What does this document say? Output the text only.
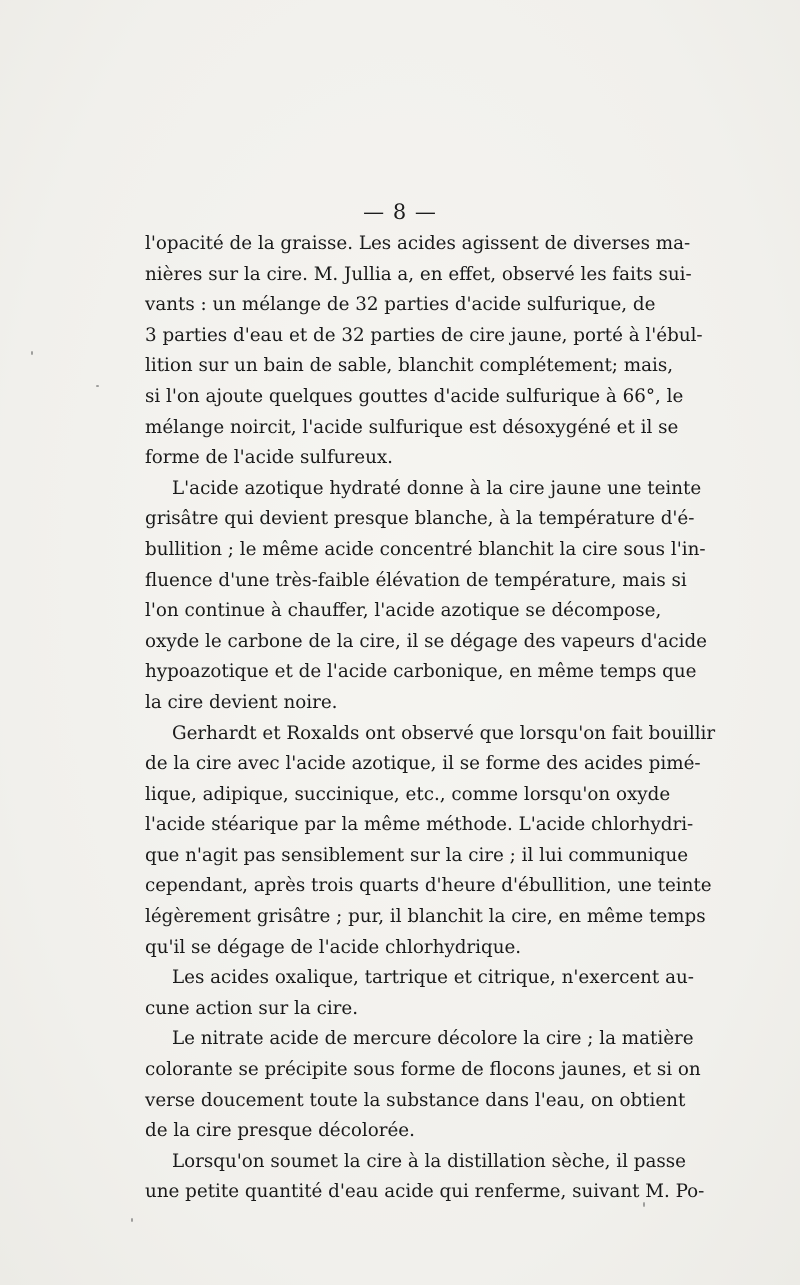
— 8 —
l'opacité de la graisse. Les acides agissent de diverses ma-
nières sur la cire. M. Jullia a, en effet, observé les faits sui-
vants : un mélange de 32 parties d'acide sulfurique, de
3 parties d'eau et de 32 parties de cire jaune, porté à l'ébul-
lition sur un bain de sable, blanchit complétement; mais,
si l'on ajoute quelques gouttes d'acide sulfurique à 66°, le
mélange noircit, l'acide sulfurique est désoxygéné et il se
forme de l'acide sulfureux.
L'acide azotique hydraté donne à la cire jaune une teinte
grisâtre qui devient presque blanche, à la température d'é-
bullition ; le même acide concentré blanchit la cire sous l'in-
fluence d'une très-faible élévation de température, mais si
l'on continue à chauffer, l'acide azotique se décompose,
oxyde le carbone de la cire, il se dégage des vapeurs d'acide
hypoazotique et de l'acide carbonique, en même temps que
la cire devient noire.
Gerhardt et Roxalds ont observé que lorsqu'on fait bouillir
de la cire avec l'acide azotique, il se forme des acides pimé-
lique, adipique, succinique, etc., comme lorsqu'on oxyde
l'acide stéarique par la même méthode. L'acide chlorhydri-
que n'agit pas sensiblement sur la cire ; il lui communique
cependant, après trois quarts d'heure d'ébullition, une teinte
légèrement grisâtre ; pur, il blanchit la cire, en même temps
qu'il se dégage de l'acide chlorhydrique.
Les acides oxalique, tartrique et citrique, n'exercent au-
cune action sur la cire.
Le nitrate acide de mercure décolore la cire ; la matière
colorante se précipite sous forme de flocons jaunes, et si on
verse doucement toute la substance dans l'eau, on obtient
de la cire presque décolorée.
Lorsqu'on soumet la cire à la distillation sèche, il passe
une petite quantité d'eau acide qui renferme, suivant M. Po-
